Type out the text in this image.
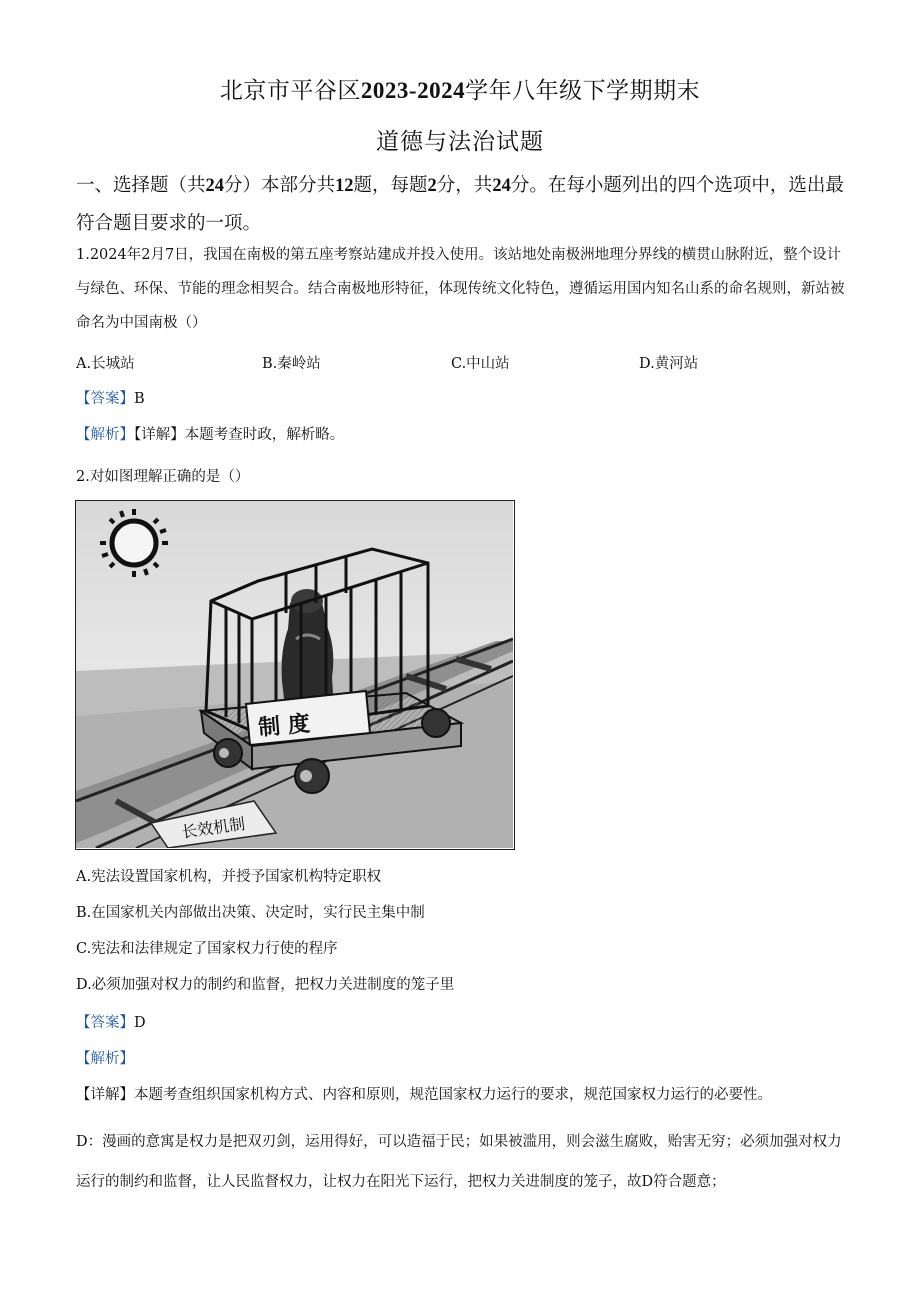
北京市平谷区2023-2024学年八年级下学期期末
道德与法治试题
一、选择题（共24分）本部分共12题，每题2分，共24分。在每小题列出的四个选项中，选出最符合题目要求的一项。
1.2024年2月7日，我国在南极的第五座考察站建成并投入使用。该站地处南极洲地理分界线的横贯山脉附近，整个设计与绿色、环保、节能的理念相契合。结合南极地形特征，体现传统文化特色，遵循运用国内知名山系的命名规则，新站被命名为中国南极（）
A.长城站	B.秦岭站	C.中山站	D.黄河站
【答案】B
【解析】【详解】本题考查时政，解析略。
2.对如图理解正确的是（）
长效机制
制 度
A.宪法设置国家机构，并授予国家机构特定职权
B.在国家机关内部做出决策、决定时，实行民主集中制
C.宪法和法律规定了国家权力行使的程序
D.必须加强对权力的制约和监督，把权力关进制度的笼子里
【答案】D
【解析】
【详解】本题考查组织国家机构方式、内容和原则，规范国家权力运行的要求，规范国家权力运行的必要性。
D：漫画的意寓是权力是把双刃剑，运用得好，可以造福于民；如果被滥用，则会滋生腐败，贻害无穷；必须加强对权力运行的制约和监督，让人民监督权力，让权力在阳光下运行，把权力关进制度的笼子，故D符合题意；
